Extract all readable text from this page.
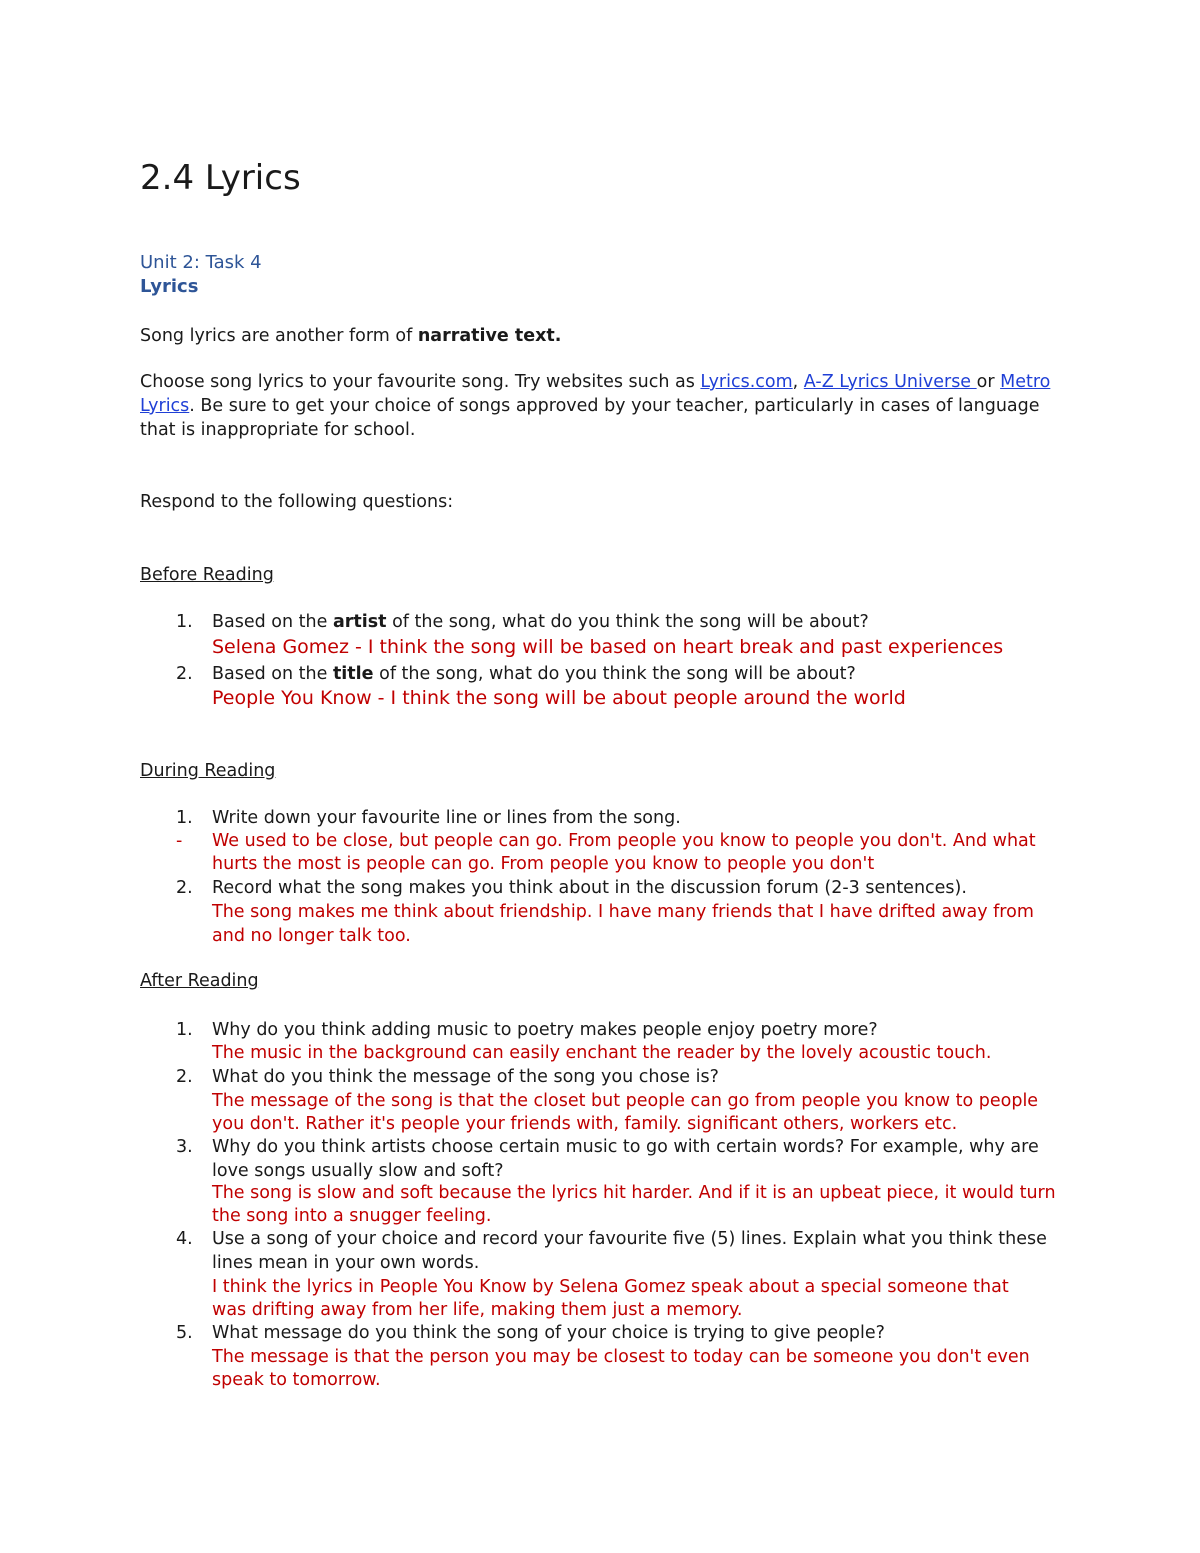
2.4 Lyrics
Unit 2: Task 4
Lyrics
Song lyrics are another form of narrative text.
Choose song lyrics to your favourite song. Try websites such as Lyrics.com, A-Z Lyrics Universe or Metro
Lyrics. Be sure to get your choice of songs approved by your teacher, particularly in cases of language
that is inappropriate for school.
Respond to the following questions:
Before Reading
1.	Based on the artist of the song, what do you think the song will be about?
Selena Gomez - I think the song will be based on heart break and past experiences
2.	Based on the title of the song, what do you think the song will be about?
People You Know - I think the song will be about people around the world
During Reading
1.	Write down your favourite line or lines from the song.
- We used to be close, but people can go. From people you know to people you don't. And what
hurts the most is people can go. From people you know to people you don't
2.	Record what the song makes you think about in the discussion forum (2-3 sentences).
The song makes me think about friendship. I have many friends that I have drifted away from
and no longer talk too.
After Reading
1.	Why do you think adding music to poetry makes people enjoy poetry more?
The music in the background can easily enchant the reader by the lovely acoustic touch.
2.	What do you think the message of the song you chose is?
The message of the song is that the closet but people can go from people you know to people
you don't. Rather it's people your friends with, family. significant others, workers etc.
3.	Why do you think artists choose certain music to go with certain words? For example, why are
love songs usually slow and soft?
The song is slow and soft because the lyrics hit harder. And if it is an upbeat piece, it would turn
the song into a snugger feeling.
4.	Use a song of your choice and record your favourite five (5) lines. Explain what you think these
lines mean in your own words.
I think the lyrics in People You Know by Selena Gomez speak about a special someone that
was drifting away from her life, making them just a memory.
5.	What message do you think the song of your choice is trying to give people?
The message is that the person you may be closest to today can be someone you don't even
speak to tomorrow.
